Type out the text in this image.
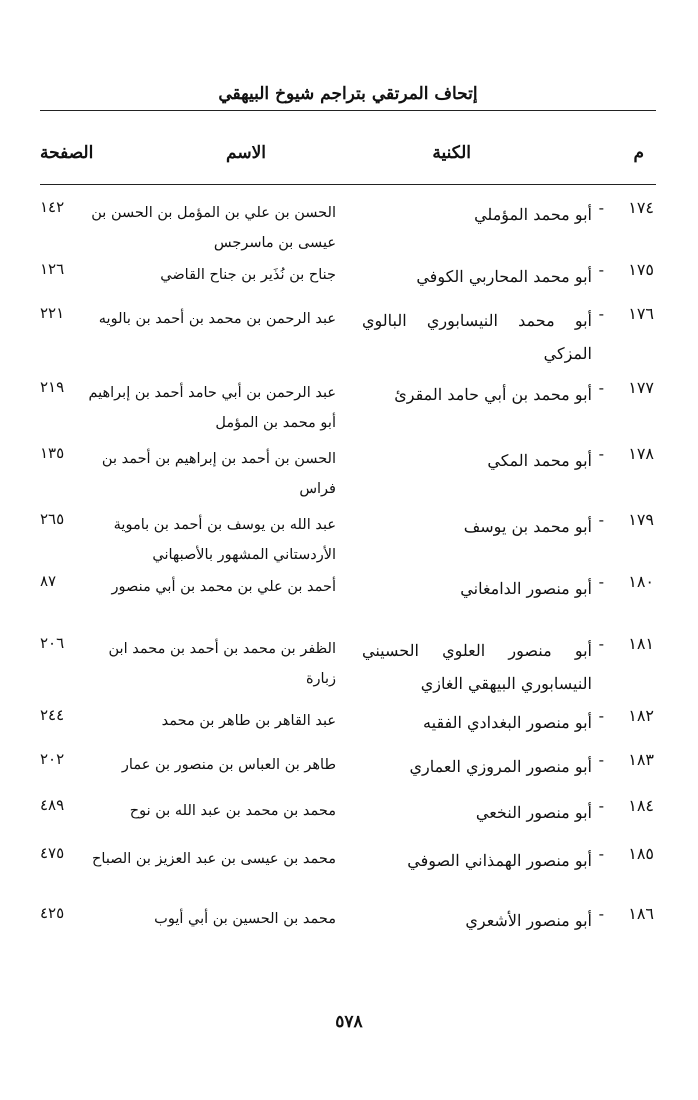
إتحاف المرتقي بتراجم شيوخ البيهقي
م
الكنية
الاسم
الصفحة
١٧٤
-
أبو محمد المؤملي
الحسن بن علي بن المؤمل بن الحسن بن عيسى بن ماسرجس
١٤٢
١٧٥
-
أبو محمد المحاربي الكوفي
جناح بن نُذَير بن جناح القاضي
١٢٦
١٧٦
-
أبو محمد النيسابوري البالوي المزكي
عبد الرحمن بن محمد بن أحمد بن بالويه
٢٢١
١٧٧
-
أبو محمد بن أبي حامد المقرئ
عبد الرحمن بن أبي حامد أحمد بن إبراهيم أبو محمد بن المؤمل
٢١٩
١٧٨
-
أبو محمد المكي
الحسن بن أحمد بن إبراهيم بن أحمد بن فراس
١٣٥
١٧٩
-
أبو محمد بن يوسف
عبد الله بن يوسف بن أحمد بن باموية الأردستاني المشهور بالأصبهاني
٢٦٥
١٨٠
-
أبو منصور الدامغاني
أحمد بن علي بن محمد بن أبي منصور
٨٧
١٨١
-
أبو منصور العلوي الحسيني النيسابوري البيهقي الغازي
الظفر بن محمد بن أحمد بن محمد ابن زبارة
٢٠٦
١٨٢
-
أبو منصور البغدادي الفقيه
عبد القاهر بن طاهر بن محمد
٢٤٤
١٨٣
-
أبو منصور المروزي العماري
طاهر بن العباس بن منصور بن عمار
٢٠٢
١٨٤
-
أبو منصور النخعي
محمد بن محمد بن عبد الله بن نوح
٤٨٩
١٨٥
-
أبو منصور الهمذاني الصوفي
محمد بن عيسى بن عبد العزيز بن الصباح
٤٧٥
١٨٦
-
أبو منصور الأشعري
محمد بن الحسين بن أبي أيوب
٤٢٥
٥٧٨
